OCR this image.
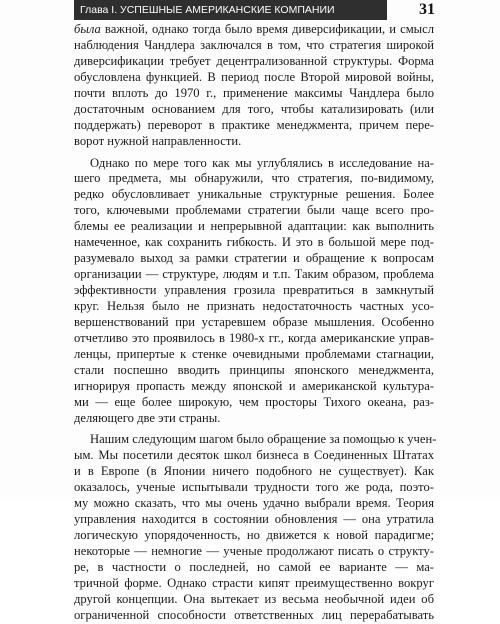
Глава I. УСПЕШНЫЕ АМЕРИКАНСКИЕ КОМПАНИИ	31
была важной, однако тогда было время диверсификации, и смысл
наблюдения Чандлера заключался в том, что стратегия широкой
диверсификации требует децентрализованной структуры. Форма
обусловлена функцией. В период после Второй мировой войны,
почти вплоть до 1970 г., применение максимы Чандлера было
достаточным основанием для того, чтобы катализировать (или
поддержать) переворот в практике менеджмента, причем пере-
ворот нужной направленности.
Однако по мере того как мы углублялись в исследование на-
шего предмета, мы обнаружили, что стратегия, по-видимому,
редко обусловливает уникальные структурные решения. Более
того, ключевыми проблемами стратегии были чаще всего про-
блемы ее реализации и непрерывной адаптации: как выполнить
намеченное, как сохранить гибкость. И это в большой мере под-
разумевало выход за рамки стратегии и обращение к вопросам
организации — структуре, людям и т.п. Таким образом, проблема
эффективности управления грозила превратиться в замкнутый
круг. Нельзя было не признать недостаточность частных усо-
вершенствований при устаревшем образе мышления. Особенно
отчетливо это проявилось в 1980-х гг., когда американские управ-
ленцы, припертые к стенке очевидными проблемами стагнации,
стали поспешно вводить принципы японского менеджмента,
игнорируя пропасть между японской и американской культура-
ми — еще более широкую, чем просторы Тихого океана, раз-
деляющего две эти страны.
Нашим следующим шагом было обращение за помощью к учен-
ым. Мы посетили десяток школ бизнеса в Соединенных Штатах
и в Европе (в Японии ничего подобного не существует). Как
оказалось, ученые испытывали трудности того же рода, поэто-
му можно сказать, что мы очень удачно выбрали время. Теория
управления находится в состоянии обновления — она утратила
логическую упорядоченность, но движется к новой парадигме;
некоторые — немногие — ученые продолжают писать о структу-
ре, в частности о последней, но самой ее варианте — ма-
тричной форме. Однако страсти кипят преимущественно вокруг
другой концепции. Она вытекает из весьма необычной идеи об
ограниченной способности ответственных лиц перерабатывать
